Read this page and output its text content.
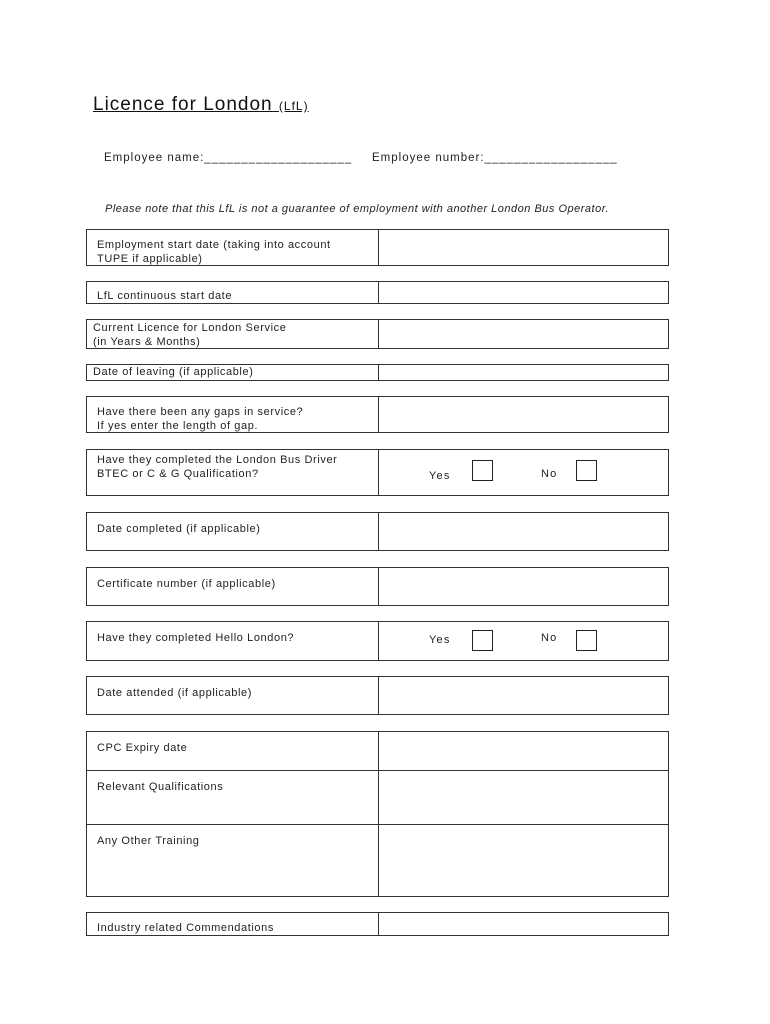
Licence for London (LfL)
Employee name:____________________ Employee number:__________________
Please note that this LfL is not a guarantee of employment with another London Bus Operator.
Employment start date (taking into account
TUPE if applicable)
LfL continuous start date
Current Licence for London Service
(in Years & Months)
Date of leaving (if applicable)
Have there been any gaps in service?
If yes enter the length of gap.
Have they completed the London Bus Driver
BTEC or C & G Qualification?	Yes	No
Date completed (if applicable)
Certificate number (if applicable)
Have they completed Hello London?	Yes	No
Date attended (if applicable)
CPC Expiry date
Relevant Qualifications
Any Other Training
Industry related Commendations
